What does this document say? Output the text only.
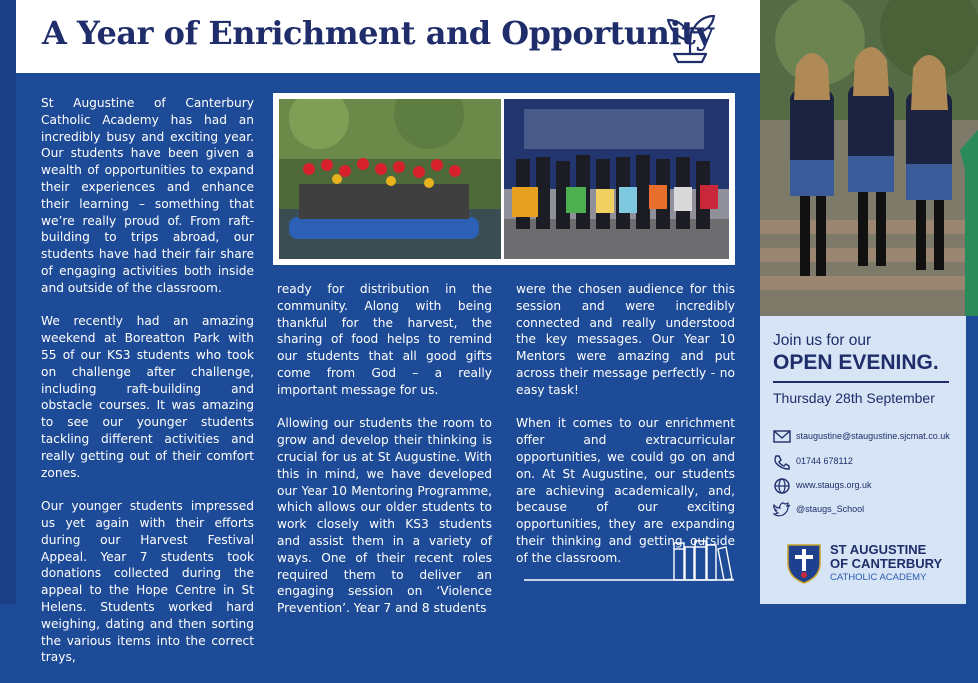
A Year of Enrichment and Opportunity

St Augustine of Canterbury Catholic Academy has had an incredibly busy and exciting year. Our students have been given a wealth of opportunities to expand their experiences and enhance their learning – something that we’re really proud of. From raft-building to trips abroad, our students have had their fair share of engaging activities both inside and outside of the classroom.

We recently had an amazing weekend at Boreatton Park with 55 of our KS3 students who took on challenge after challenge, including raft-building and obstacle courses. It was amazing to see our younger students tackling different activities and really getting out of their comfort zones.

Our younger students impressed us yet again with their efforts during our Harvest Festival Appeal. Year 7 students took donations collected during the appeal to the Hope Centre in St Helens. Students worked hard weighing, dating and then sorting the various items into the correct trays,

ready for distribution in the community. Along with being thankful for the harvest, the sharing of food helps to remind our students that all good gifts come from God – a really important message for us.

Allowing our students the room to grow and develop their thinking is crucial for us at St Augustine. With this in mind, we have developed our Year 10 Mentoring Programme, which allows our older students to work closely with KS3 students and assist them in a variety of ways. One of their recent roles required them to deliver an engaging session on ‘Violence Prevention’. Year 7 and 8 students

were the chosen audience for this session and were incredibly connected and really understood the key messages. Our Year 10 Mentors were amazing and put across their message perfectly - no easy task!

When it comes to our enrichment offer and extracurricular opportunities, we could go on and on. At St Augustine, our students are achieving academically, and, because of our exciting opportunities, they are expanding their thinking and getting outside of the classroom.

Join us for our
OPEN EVENING.
Thursday 28th September
staugustine@staugustine.sjcmat.co.uk
01744 678112
www.staugs.org.uk
@staugs_School
ST AUGUSTINE
OF CANTERBURY
CATHOLIC ACADEMY
